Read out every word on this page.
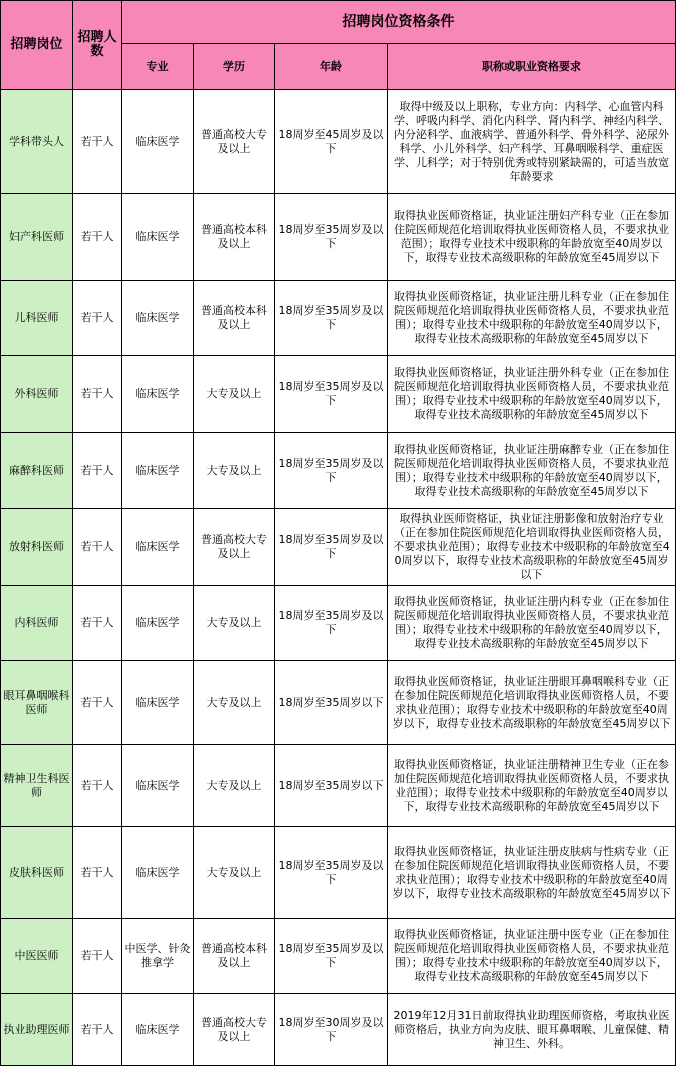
招聘岗位	招聘人数	招聘岗位资格条件			
		专业	学历	年龄	职称或职业资格要求
学科带头人	若干人	临床医学	普通高校大专及以上	18周岁至45周岁及以下	取得中级及以上职称，专业方向：内科学、心血管内科学、呼吸内科学、消化内科学、肾内科学、神经内科学、内分泌科学、血液病学、普通外科学、骨外科学、泌尿外科学、小儿外科学、妇产科学、耳鼻咽喉科学、重症医学、儿科学；对于特别优秀或特别紧缺需的，可适当放宽年龄要求
妇产科医师	若干人	临床医学	普通高校本科及以上	18周岁至35周岁及以下	取得执业医师资格证，执业证注册妇产科专业（正在参加住院医师规范化培训取得执业医师资格人员，不要求执业范围）；取得专业技术中级职称的年龄放宽至40周岁以下，取得专业技术高级职称的年龄放宽至45周岁以下
儿科医师	若干人	临床医学	普通高校本科及以上	18周岁至35周岁及以下	取得执业医师资格证，执业证注册儿科专业（正在参加住院医师规范化培训取得执业医师资格人员，不要求执业范围）；取得专业技术中级职称的年龄放宽至40周岁以下，取得专业技术高级职称的年龄放宽至45周岁以下
外科医师	若干人	临床医学	大专及以上	18周岁至35周岁及以下	取得执业医师资格证，执业证注册外科专业（正在参加住院医师规范化培训取得执业医师资格人员，不要求执业范围）；取得专业技术中级职称的年龄放宽至40周岁以下，取得专业技术高级职称的年龄放宽至45周岁以下
麻醉科医师	若干人	临床医学	大专及以上	18周岁至35周岁及以下	取得执业医师资格证，执业证注册麻醉专业（正在参加住院医师规范化培训取得执业医师资格人员，不要求执业范围）；取得专业技术中级职称的年龄放宽至40周岁以下，取得专业技术高级职称的年龄放宽至45周岁以下
放射科医师	若干人	临床医学	普通高校大专及以上	18周岁至35周岁及以下	取得执业医师资格证，执业证注册影像和放射治疗专业（正在参加住院医师规范化培训取得执业医师资格人员，不要求执业范围）；取得专业技术中级职称的年龄放宽至40周岁以下，取得专业技术高级职称的年龄放宽至45周岁以下
内科医师	若干人	临床医学	大专及以上	18周岁至35周岁及以下	取得执业医师资格证，执业证注册内科专业（正在参加住院医师规范化培训取得执业医师资格人员，不要求执业范围）；取得专业技术中级职称的年龄放宽至40周岁以下，取得专业技术高级职称的年龄放宽至45周岁以下
眼耳鼻咽喉科医师	若干人	临床医学	大专及以上	18周岁至35周岁以下	取得执业医师资格证，执业证注册眼耳鼻咽喉科专业（正在参加住院医师规范化培训取得执业医师资格人员，不要求执业范围）；取得专业技术中级职称的年龄放宽至40周岁以下，取得专业技术高级职称的年龄放宽至45周岁以下
精神卫生科医师	若干人	临床医学	大专及以上	18周岁至35周岁以下	取得执业医师资格证，执业证注册精神卫生专业（正在参加住院医师规范化培训取得执业医师资格人员，不要求执业范围）；取得专业技术中级职称的年龄放宽至40周岁以下，取得专业技术高级职称的年龄放宽至45周岁以下
皮肤科医师	若干人	临床医学	大专及以上	18周岁至35周岁及以下	取得执业医师资格证，执业证注册皮肤病与性病专业（正在参加住院医师规范化培训取得执业医师资格人员，不要求执业范围）；取得专业技术中级职称的年龄放宽至40周岁以下，取得专业技术高级职称的年龄放宽至45周岁以下
中医医师	若干人	中医学、针灸推拿学	普通高校本科及以上	18周岁至35周岁及以下	取得执业医师资格证，执业证注册中医专业（正在参加住院医师规范化培训取得执业医师资格人员，不要求执业范围）；取得专业技术中级职称的年龄放宽至40周岁以下，取得专业技术高级职称的年龄放宽至45周岁以下
执业助理医师	若干人	临床医学	普通高校大专及以上	18周岁至30周岁及以下	2019年12月31日前取得执业助理医师资格，考取执业医师资格后，执业方向为皮肤、眼耳鼻咽喉、儿童保健、精神卫生、外科。
